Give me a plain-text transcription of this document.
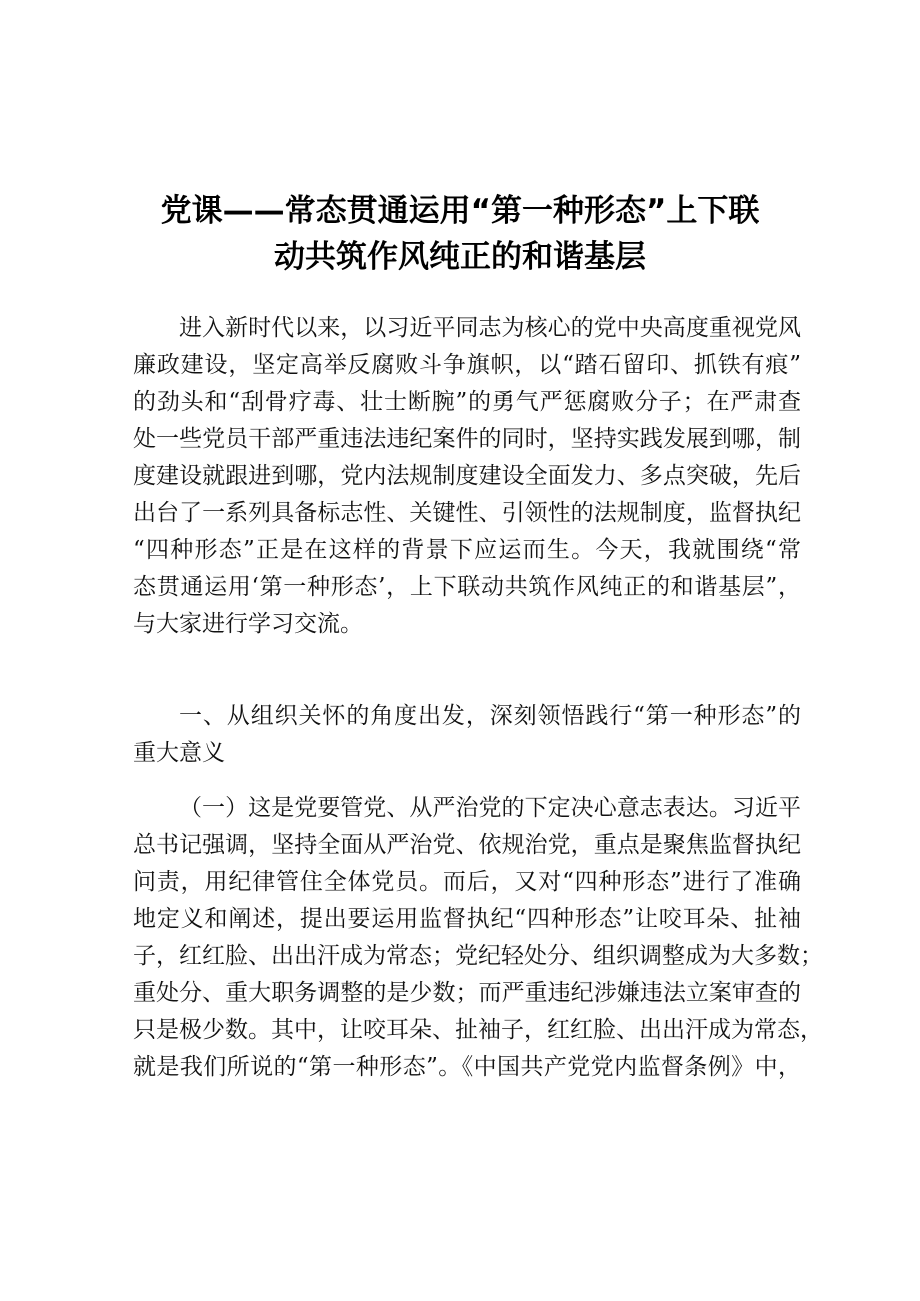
党课——常态贯通运用“第一种形态”上下联
动共筑作风纯正的和谐基层
进入新时代以来，以习近平同志为核心的党中央高度重视党风
廉政建设，坚定高举反腐败斗争旗帜，以“踏石留印、抓铁有痕”
的劲头和“刮骨疗毒、壮士断腕”的勇气严惩腐败分子；在严肃查
处一些党员干部严重违法违纪案件的同时，坚持实践发展到哪，制
度建设就跟进到哪，党内法规制度建设全面发力、多点突破，先后
出台了一系列具备标志性、关键性、引领性的法规制度，监督执纪
“四种形态”正是在这样的背景下应运而生。今天，我就围绕“常
态贯通运用‘第一种形态’，上下联动共筑作风纯正的和谐基层”，
与大家进行学习交流。
一、从组织关怀的角度出发，深刻领悟践行“第一种形态”的
重大意义
（一）这是党要管党、从严治党的下定决心意志表达。习近平
总书记强调，坚持全面从严治党、依规治党，重点是聚焦监督执纪
问责，用纪律管住全体党员。而后，又对“四种形态”进行了准确
地定义和阐述，提出要运用监督执纪“四种形态”让咬耳朵、扯袖
子，红红脸、出出汗成为常态；党纪轻处分、组织调整成为大多数；
重处分、重大职务调整的是少数；而严重违纪涉嫌违法立案审查的
只是极少数。其中，让咬耳朵、扯袖子，红红脸、出出汗成为常态，
就是我们所说的“第一种形态”。《中国共产党党内监督条例》中，
